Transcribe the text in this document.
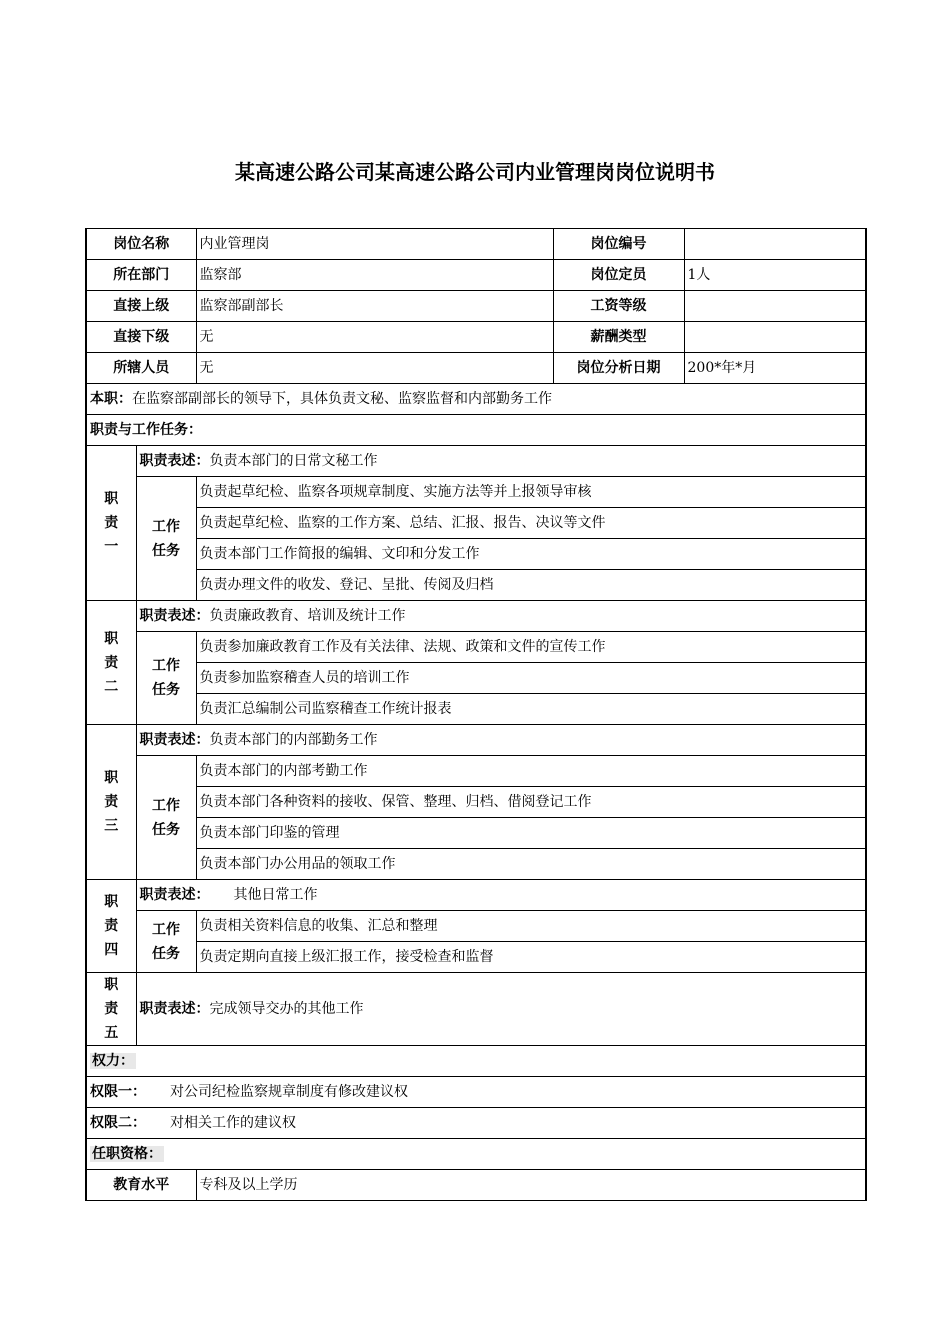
某高速公路公司某高速公路公司内业管理岗岗位说明书
岗位名称		内业管理岗	岗位编号	
所在部门		监察部	岗位定员	1人
直接上级		监察部副部长	工资等级	
直接下级		无	薪酬类型	
所辖人员		无	岗位分析日期	200*年*月
本职：在监察部副部长的领导下，具体负责文秘、监察监督和内部勤务工作				
职责与工作任务：				

职
责
一	职责表述：负责本部门的日常文秘工作			

	工作
任务	负责起草纪检、监察各项规章制度、实施方法等并上报领导审核		
		负责起草纪检、监察的工作方案、总结、汇报、报告、决议等文件		
		负责本部门工作简报的编辑、文印和分发工作		
		负责办理文件的收发、登记、呈批、传阅及归档		

职
责
二	职责表述：负责廉政教育、培训及统计工作			

	工作
任务	负责参加廉政教育工作及有关法律、法规、政策和文件的宣传工作		
		负责参加监察稽查人员的培训工作		
		负责汇总编制公司监察稽查工作统计报表		

职
责
三	职责表述：负责本部门的内部勤务工作			

	工作
任务	负责本部门的内部考勤工作		
		负责本部门各种资料的接收、保管、整理、归档、借阅登记工作		
		负责本部门印鉴的管理		
		负责本部门办公用品的领取工作		

职
责
四	职责表述： 其他日常工作			

	工作
任务	负责相关资料信息的收集、汇总和整理		
		负责定期向直接上级汇报工作，接受检查和监督		

职
责
五	职责表述：完成领导交办的其他工作			
权力：				
权限一： 对公司纪检监察规章制度有修改建议权				
权限二： 对相关工作的建议权				
任职资格：				
教育水平		专科及以上学历		
